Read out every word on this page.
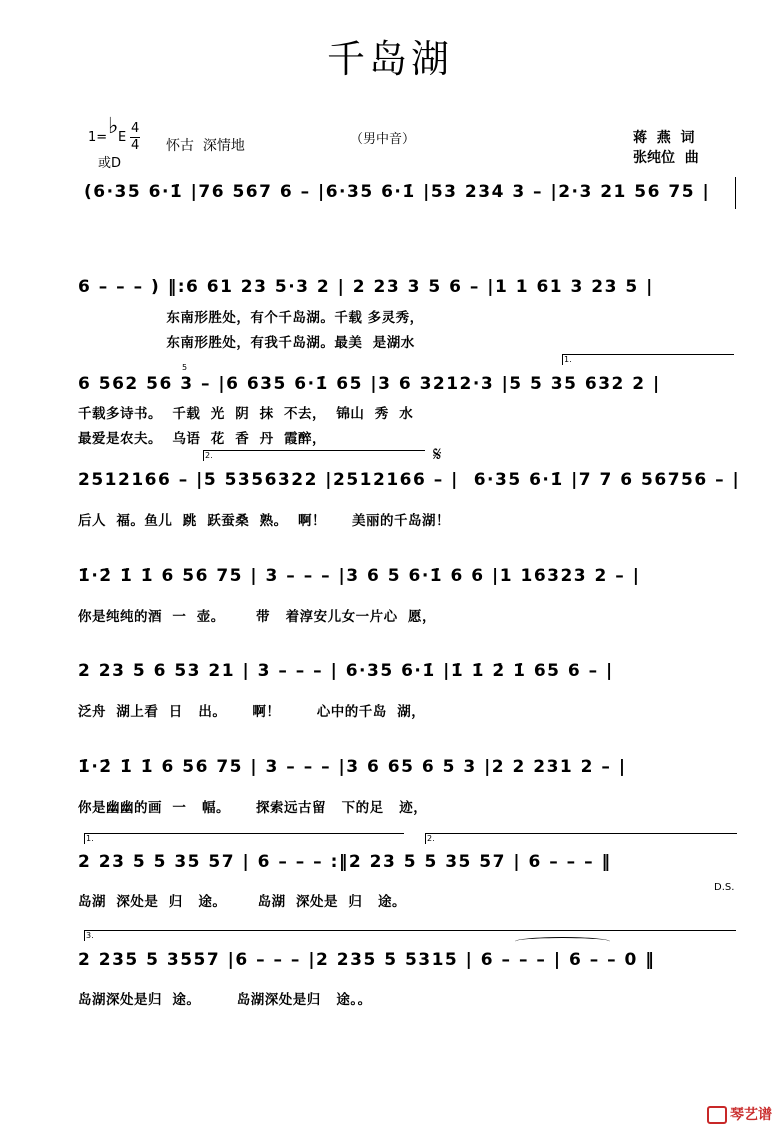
千岛湖
1= ♭ E
4
4
或D
怀古  深情地	（男中音）	蒋  燕  词
张纯位  曲
(6·35 6·1̇ |76 567 6 – |6·35 6·1̇ |53 234 3 – |2·3 21 56 75 |
6 – – – ) ‖:6 61 23 5·3 2 | 2 23 3 5 6 – |1 1 61 3 23 5 |
东南形胜处，有个千岛湖。千载 多灵秀，
东南形胜处，有我千岛湖。最美  是湖水
6 562 56 3 – |6 635 6·1̇ 65 |3 6 3212·3 |5 5 35 632 2 |
5
1.
千载多诗书。  千载  光  阴  抹  不去，  锦山  秀  水
最爱是农夫。  乌语  花  香  丹  霞醉，
2.	𝄋
2512166 – |5 5356322 |2512166 – |  6·35 6·1̇ |7 7 6 56756 – |
后人  福。鱼儿  跳  跃蚕桑  熟。  啊！     美丽的千岛湖！
1̇·2̇ 1̇ 1̇ 6 56 75 | 3 – – – |3 6 5 6·1̇ 6 6 |1 16323 2 – |
你是纯纯的酒  一  壶。      带   着淳安儿女一片心  愿，
2 23 5 6 53 21 | 3 – – – | 6·35 6·1̇ |1̇ 1̇ 2̇ 1̇ 65 6 – |
泛舟  湖上看  日   出。     啊！       心中的千岛  湖，
1̇·2̇ 1̇ 1̇ 6 56 75 | 3 – – – |3 6 65 6 5 3 |2 2 231 2 – |
你是幽幽的画  一   幅。     探索远古留   下的足   迹，
1.	2.
2 23 5 5 35 57 | 6 – – – :‖2 23 5 5 35 57 | 6 – – – ‖
D.S.
岛湖  深处是  归   途。      岛湖  深处是  归   途。
3.
2 235 5 3557 |6 – – – |2 235 5 5315 | 6 – – – | 6 – – 0 ‖
岛湖深处是归  途。       岛湖深处是归   途。。

琴艺谱
